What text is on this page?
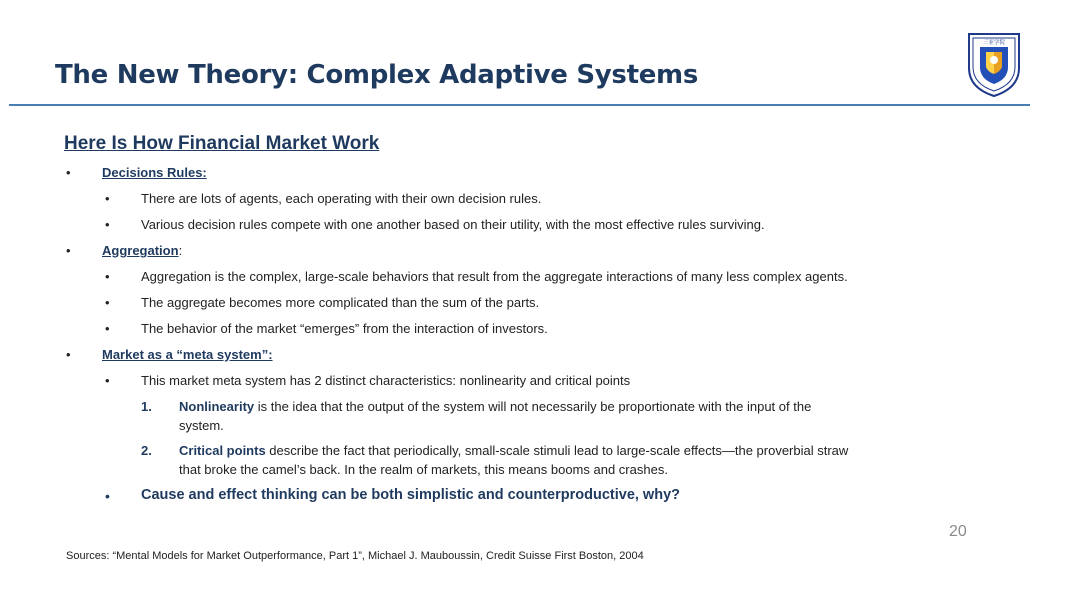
The New Theory: Complex Adaptive Systems
三亚学院
Here Is How Financial Market Work
• Decisions Rules:
• There are lots of agents, each operating with their own decision rules.
• Various decision rules compete with one another based on their utility, with the most effective rules surviving.
• Aggregation:
• Aggregation is the complex, large-scale behaviors that result from the aggregate interactions of many less complex agents.
• The aggregate becomes more complicated than the sum of the parts.
• The behavior of the market “emerges” from the interaction of investors.
• Market as a “meta system”:
• This market meta system has 2 distinct characteristics: nonlinearity and critical points
1. Nonlinearity is the idea that the output of the system will not necessarily be proportionate with the input of the
system.
2. Critical points describe the fact that periodically, small-scale stimuli lead to large-scale effects—the proverbial straw
that broke the camel’s back. In the realm of markets, this means booms and crashes.
• Cause and effect thinking can be both simplistic and counterproductive, why?
20
Sources: “Mental Models for Market Outperformance, Part 1”, Michael J. Mauboussin, Credit Suisse First Boston, 2004
